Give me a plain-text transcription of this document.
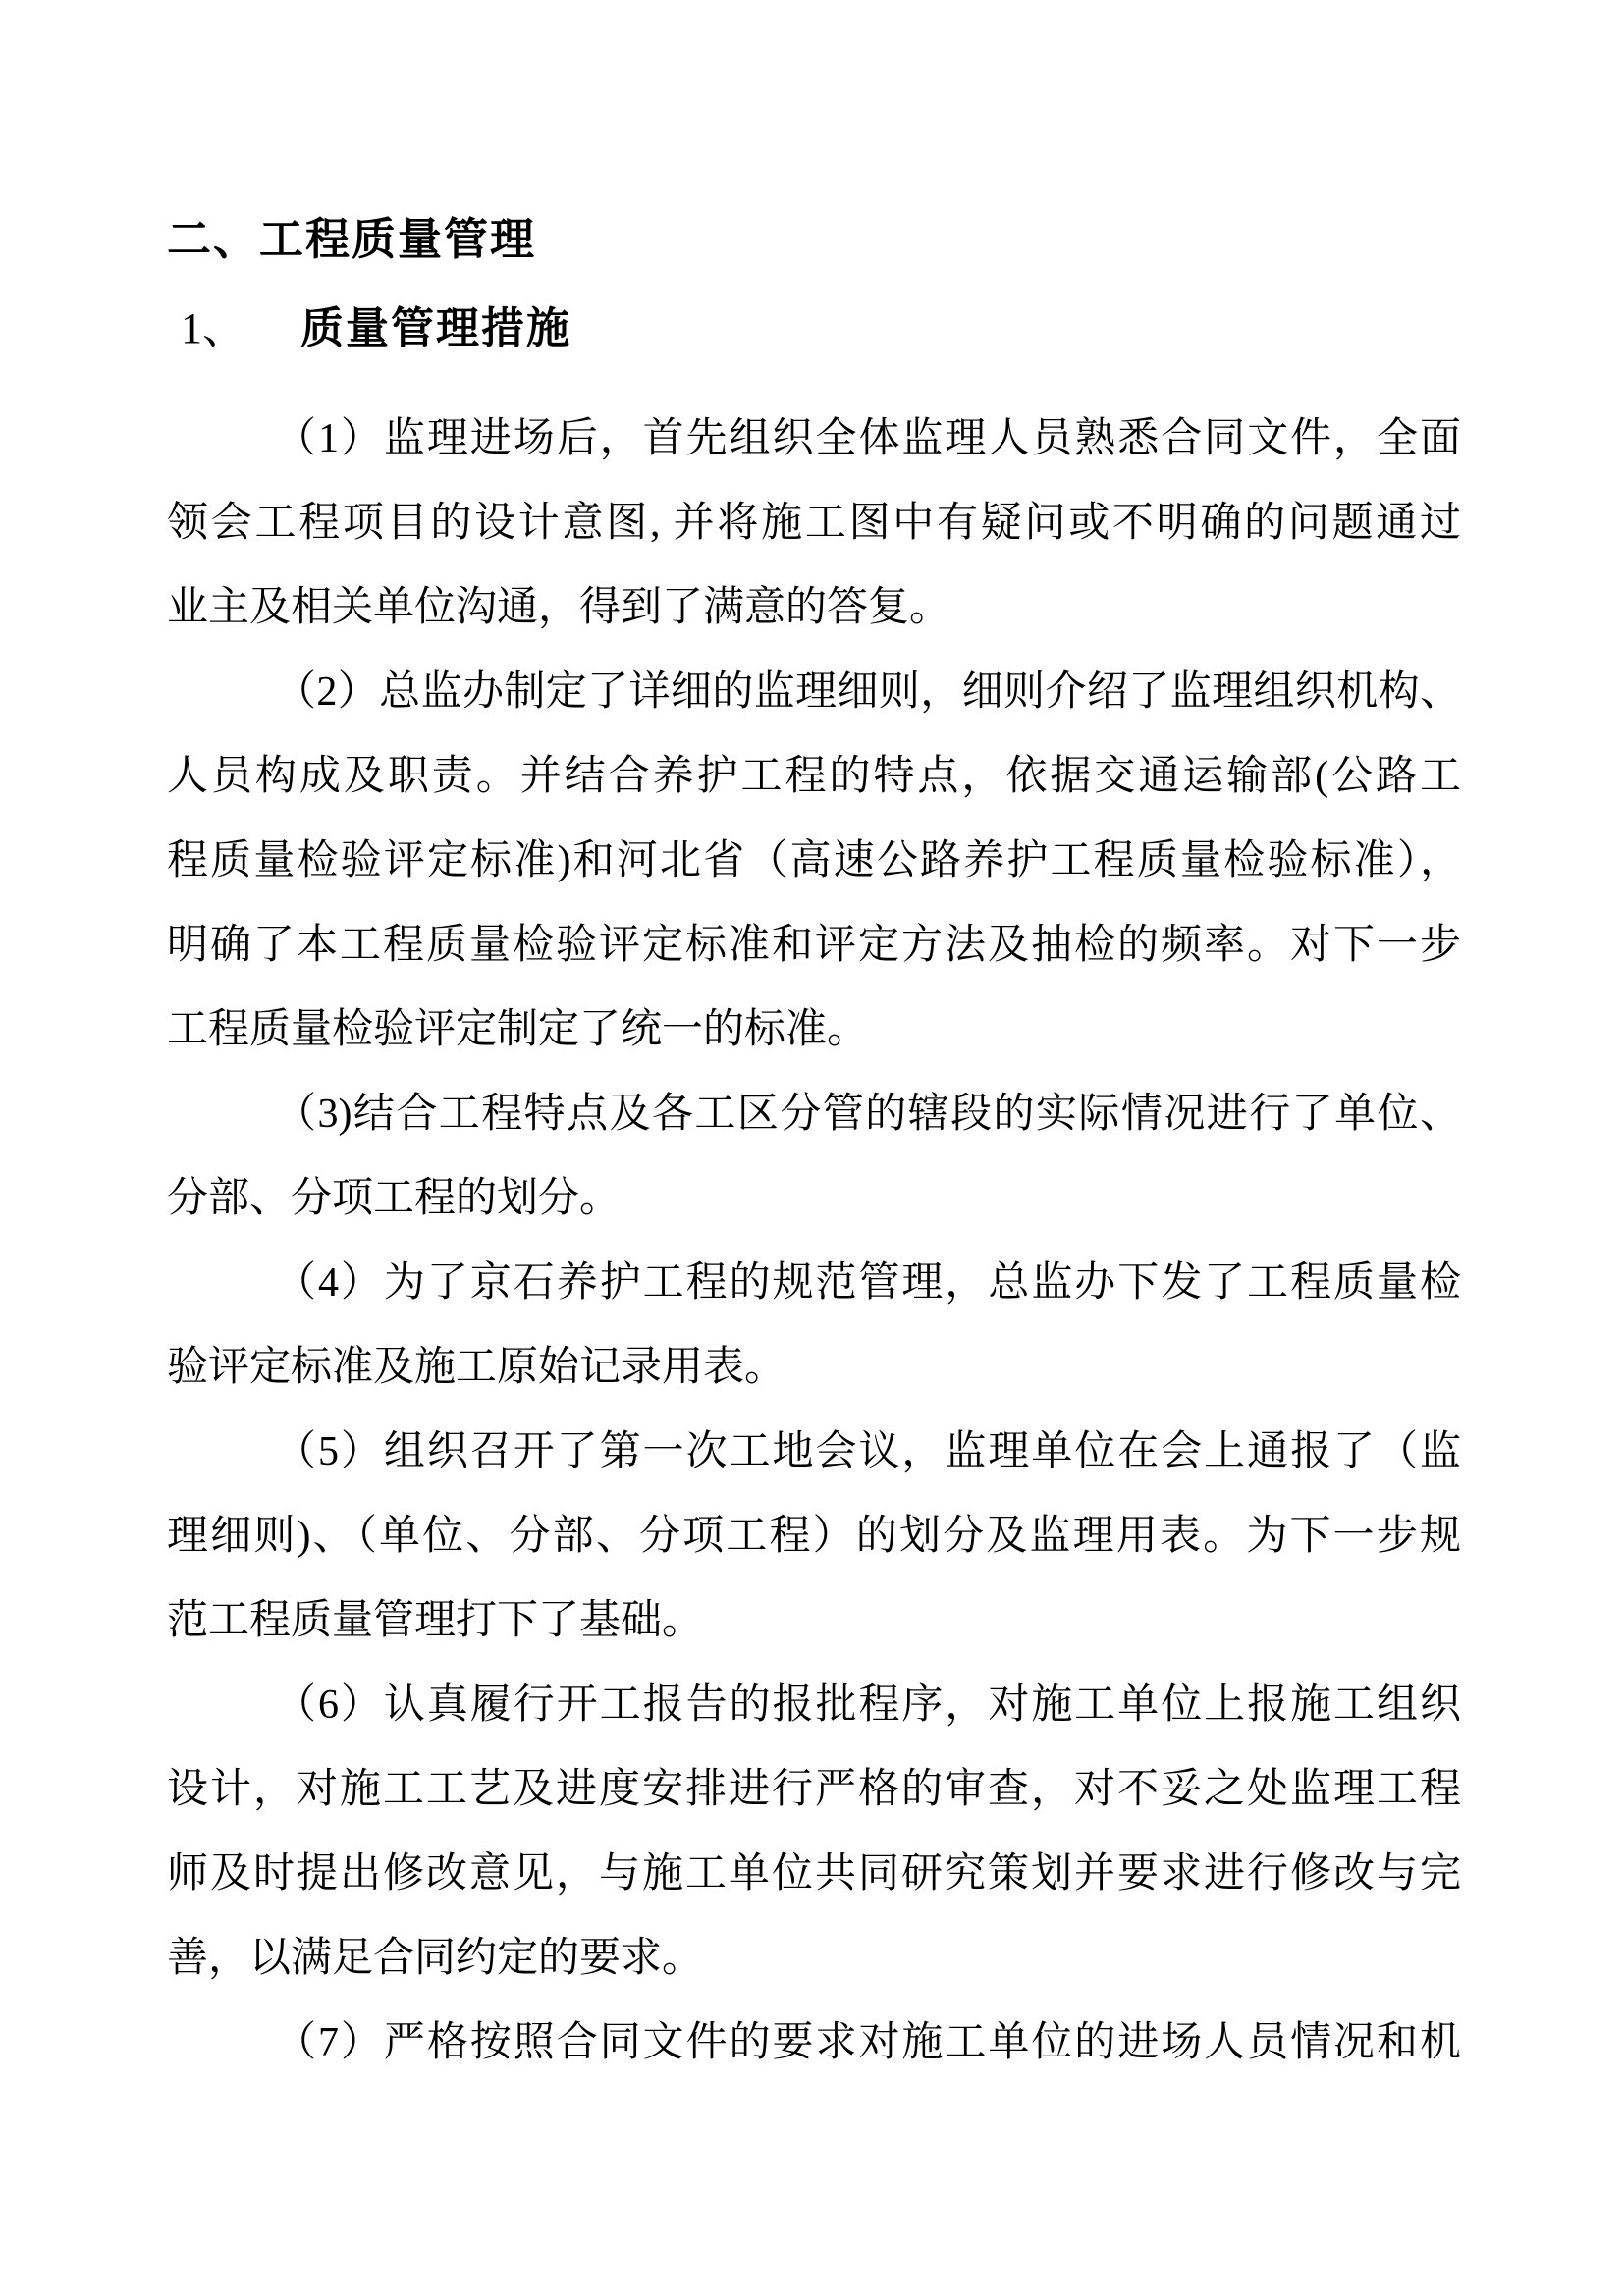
二、工程质量管理
1、 质量管理措施
（1）监理进场后，首先组织全体监理人员熟悉合同文件，全面
领会工程项目的设计意图, 并将施工图中有疑问或不明确的问题通过
业主及相关单位沟通，得到了满意的答复。
（2）总监办制定了详细的监理细则，细则介绍了监理组织机构、
人员构成及职责。并结合养护工程的特点，依据交通运输部(公路工
程质量检验评定标准)和河北省（高速公路养护工程质量检验标准），
明确了本工程质量检验评定标准和评定方法及抽检的频率。对下一步
工程质量检验评定制定了统一的标准。
（3)结合工程特点及各工区分管的辖段的实际情况进行了单位、
分部、分项工程的划分。
（4）为了京石养护工程的规范管理，总监办下发了工程质量检
验评定标准及施工原始记录用表。
（5）组织召开了第一次工地会议，监理单位在会上通报了（监
理细则)、（单位、分部、分项工程）的划分及监理用表。为下一步规
范工程质量管理打下了基础。
（6）认真履行开工报告的报批程序，对施工单位上报施工组织
设计，对施工工艺及进度安排进行严格的审查，对不妥之处监理工程
师及时提出修改意见，与施工单位共同研究策划并要求进行修改与完
善，以满足合同约定的要求。
（7）严格按照合同文件的要求对施工单位的进场人员情况和机
